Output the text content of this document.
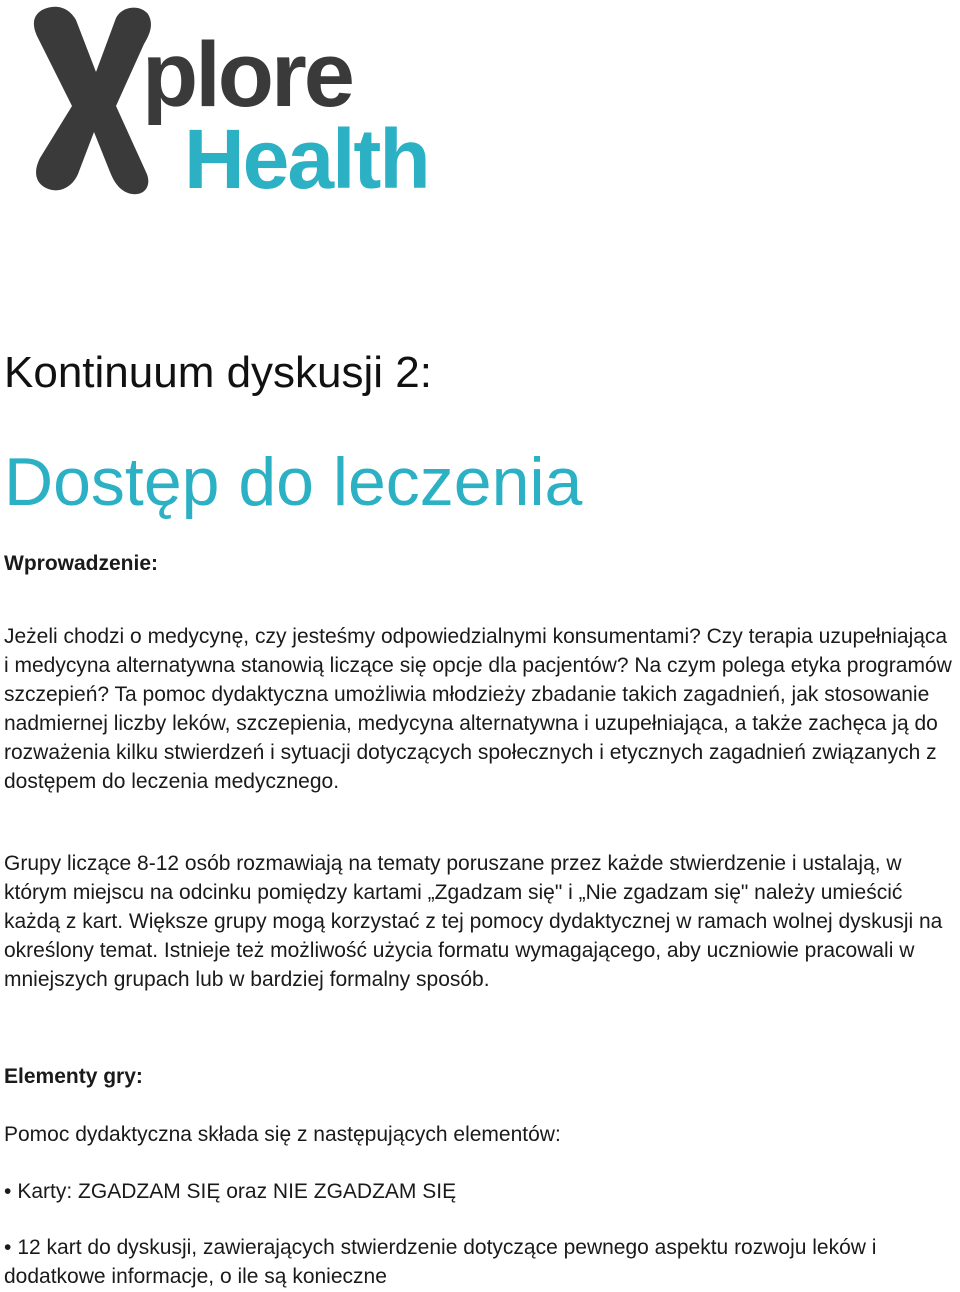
plore
Health
Kontinuum dyskusji 2:
Dostęp do leczenia
Wprowadzenie:

Jeżeli chodzi o medycynę, czy jesteśmy odpowiedzialnymi konsumentami? Czy terapia uzupełniająca i medycyna alternatywna stanowią liczące się opcje dla pacjentów? Na czym polega etyka programów szczepień? Ta pomoc dydaktyczna umożliwia młodzieży zbadanie takich zagadnień, jak stosowanie nadmiernej liczby leków, szczepienia, medycyna alternatywna i uzupełniająca, a także zachęca ją do rozważenia kilku stwierdzeń i sytuacji dotyczących społecznych i etycznych zagadnień związanych z dostępem do leczenia medycznego.

Grupy liczące 8-12 osób rozmawiają na tematy poruszane przez każde stwierdzenie i ustalają, w którym miejscu na odcinku pomiędzy kartami „Zgadzam się" i „Nie zgadzam się" należy umieścić każdą z kart. Większe grupy mogą korzystać z tej pomocy dydaktycznej w ramach wolnej dyskusji na określony temat. Istnieje też możliwość użycia formatu wymagającego, aby uczniowie pracowali w mniejszych grupach lub w bardziej formalny sposób.

Elementy gry:

Pomoc dydaktyczna składa się z następujących elementów:

• Karty: ZGADZAM SIĘ oraz NIE ZGADZAM SIĘ

• 12 kart do dyskusji, zawierających stwierdzenie dotyczące pewnego aspektu rozwoju leków i dodatkowe informacje, o ile są konieczne
